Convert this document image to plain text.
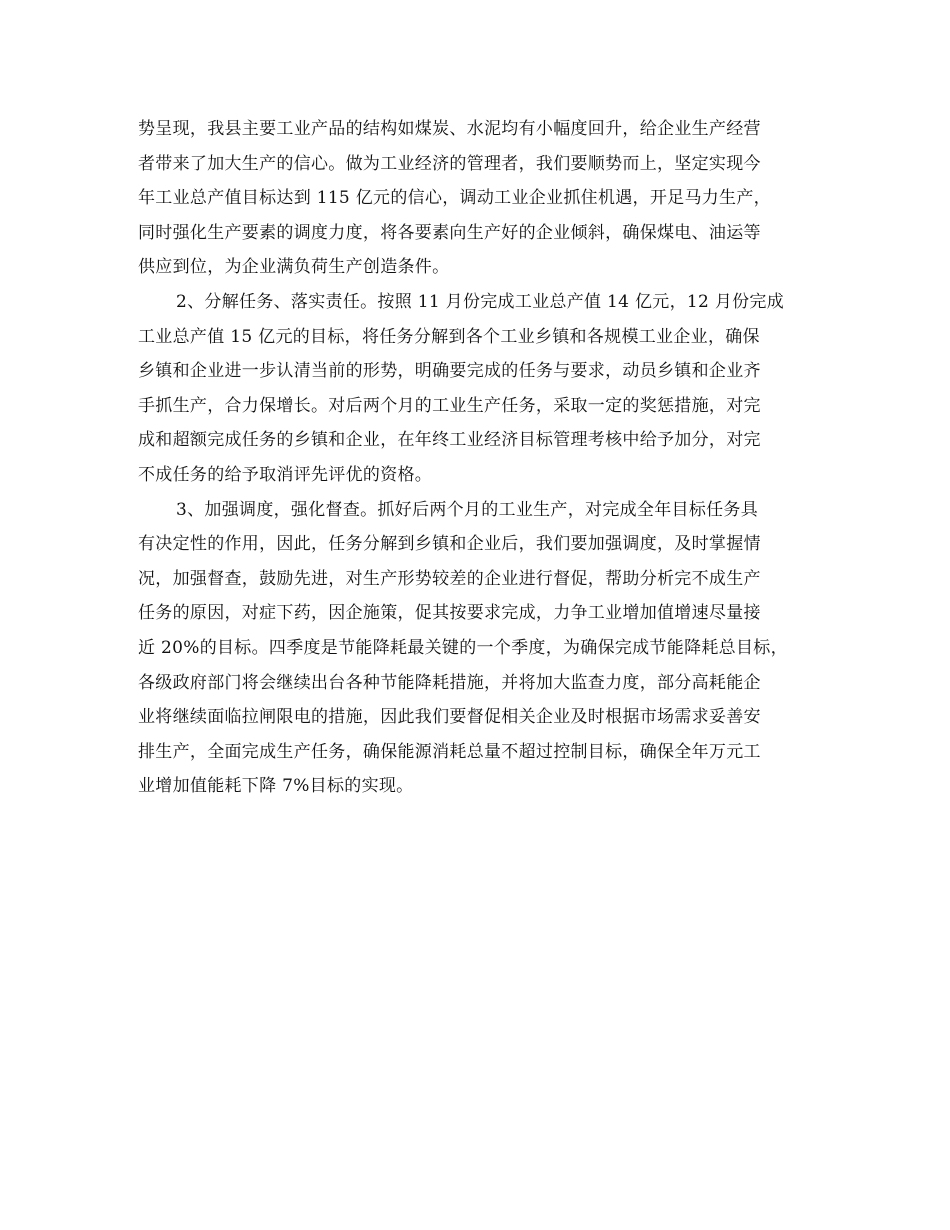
势呈现，我县主要工业产品的结构如煤炭、水泥均有小幅度回升，给企业生产经营
者带来了加大生产的信心。做为工业经济的管理者，我们要顺势而上，坚定实现今
年工业总产值目标达到 115 亿元的信心，调动工业企业抓住机遇，开足马力生产，
同时强化生产要素的调度力度，将各要素向生产好的企业倾斜，确保煤电、油运等
供应到位，为企业满负荷生产创造条件。
2、分解任务、落实责任。按照 11 月份完成工业总产值 14 亿元，12 月份完成
工业总产值 15 亿元的目标，将任务分解到各个工业乡镇和各规模工业企业，确保
乡镇和企业进一步认清当前的形势，明确要完成的任务与要求，动员乡镇和企业齐
手抓生产，合力保增长。对后两个月的工业生产任务，采取一定的奖惩措施，对完
成和超额完成任务的乡镇和企业，在年终工业经济目标管理考核中给予加分，对完
不成任务的给予取消评先评优的资格。
3、加强调度，强化督查。抓好后两个月的工业生产，对完成全年目标任务具
有决定性的作用，因此，任务分解到乡镇和企业后，我们要加强调度，及时掌握情
况，加强督查，鼓励先进，对生产形势较差的企业进行督促，帮助分析完不成生产
任务的原因，对症下药，因企施策，促其按要求完成，力争工业增加值增速尽量接
近 20%的目标。四季度是节能降耗最关键的一个季度，为确保完成节能降耗总目标，
各级政府部门将会继续出台各种节能降耗措施，并将加大监查力度，部分高耗能企
业将继续面临拉闸限电的措施，因此我们要督促相关企业及时根据市场需求妥善安
排生产，全面完成生产任务，确保能源消耗总量不超过控制目标，确保全年万元工
业增加值能耗下降 7%目标的实现。
